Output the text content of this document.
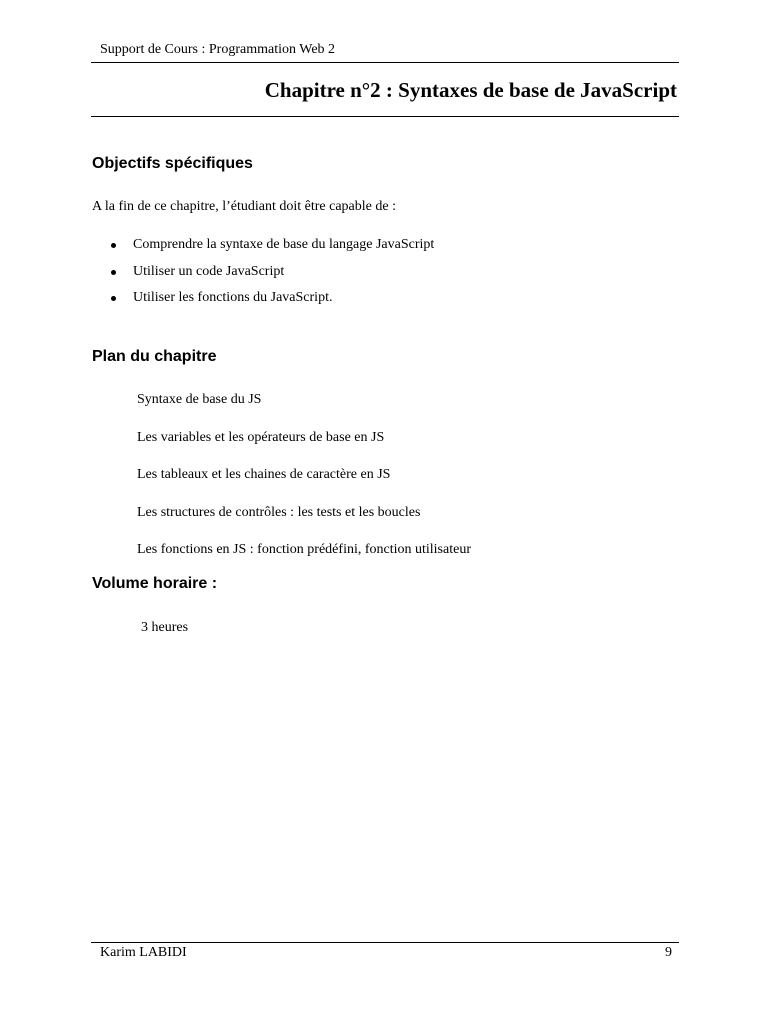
Support de Cours : Programmation Web 2
Chapitre n°2 : Syntaxes de base de JavaScript
Objectifs spécifiques
A la fin de ce chapitre, l’étudiant doit être capable de :
Comprendre la syntaxe de base du langage JavaScript
Utiliser un code JavaScript
Utiliser les fonctions du JavaScript.
Plan du chapitre
Syntaxe de base du JS
Les variables et les opérateurs de base en JS
Les tableaux et les chaines de caractère en JS
Les structures de contrôles : les tests et les boucles
Les fonctions en JS : fonction prédéfini, fonction utilisateur
Volume horaire :
3 heures
Karim LABIDI	9
